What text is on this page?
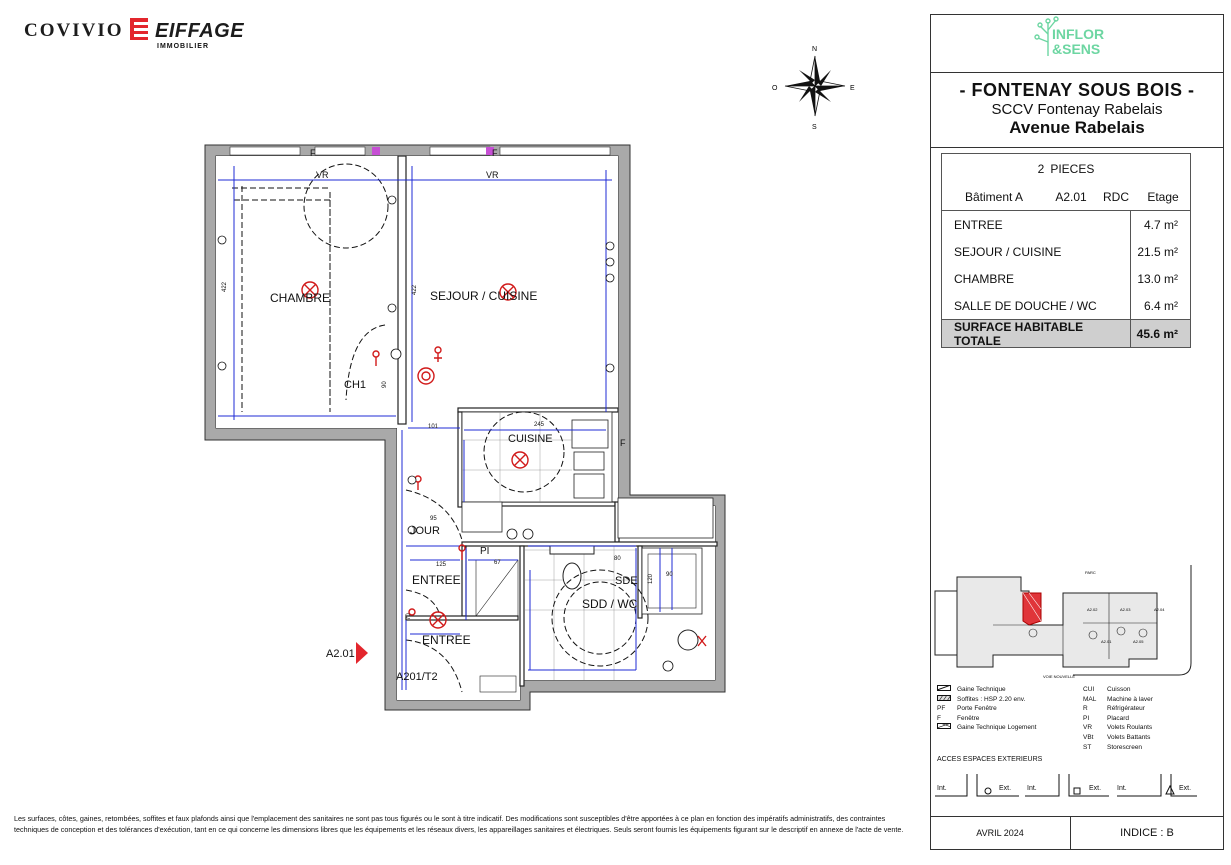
COVIVIO EIFFAGE
IMMOBILIER	N
S
E
O
INFLOR
&SENS
- FONTENAY SOUS BOIS -
SCCV Fontenay Rabelais
Avenue Rabelais
2 PIECES
Bâtiment A	A2.01	RDC	Etage
ENTREE	4.7 m²
SEJOUR / CUISINE	21.5 m²
CHAMBRE	13.0 m²
SALLE DE DOUCHE / WC	6.4 m²
SURFACE HABITABLE TOTALE	45.6 m²
PARC
A2.02	A2.03	A2.04
A2.01	A2.05
VOIE NOUVELLE
Gaine Technique
Soffites : HSP 2.20 env.
PF	Porte Fenêtre
F	Fenêtre
Gaine Technique Logement
CUI	Cuisson
MAL	Machine à laver
R	Réfrigérateur
PI	Placard
VR	Volets Roulants
VBt	Volets Battants
ST	Storescreen
ACCES ESPACES EXTERIEURS
Int.	Ext. Int.	Ext. Int.	Ext.
AVRIL 2024	INDICE : B
Les surfaces, côtes, gaines, retombées, soffites et faux plafonds ainsi que l'emplacement des sanitaires ne sont pas tous figurés ou le sont à titre indicatif. Des modifications sont susceptibles d'être apportées à ce plan en fonction des impératifs administratifs, des contraintes techniques de conception et des tolérances d'exécution, tant en ce qui concerne les dimensions libres que les équipements et les réseaux divers, les appareillages sanitaires et électriques. Seuls seront fournis les équipements figurant sur le descriptif en annexe de l'acte de vente.
CHAMBRE	SEJOUR / CUISINE
CUISINE
ENTREE
ENTREE
SDD / WC
SDE
CH1
JOUR
PI
A201/T2
VR	VR
F	F
F
422	422
101
125	67
90
245
120
80
90
95
70
A2.01
